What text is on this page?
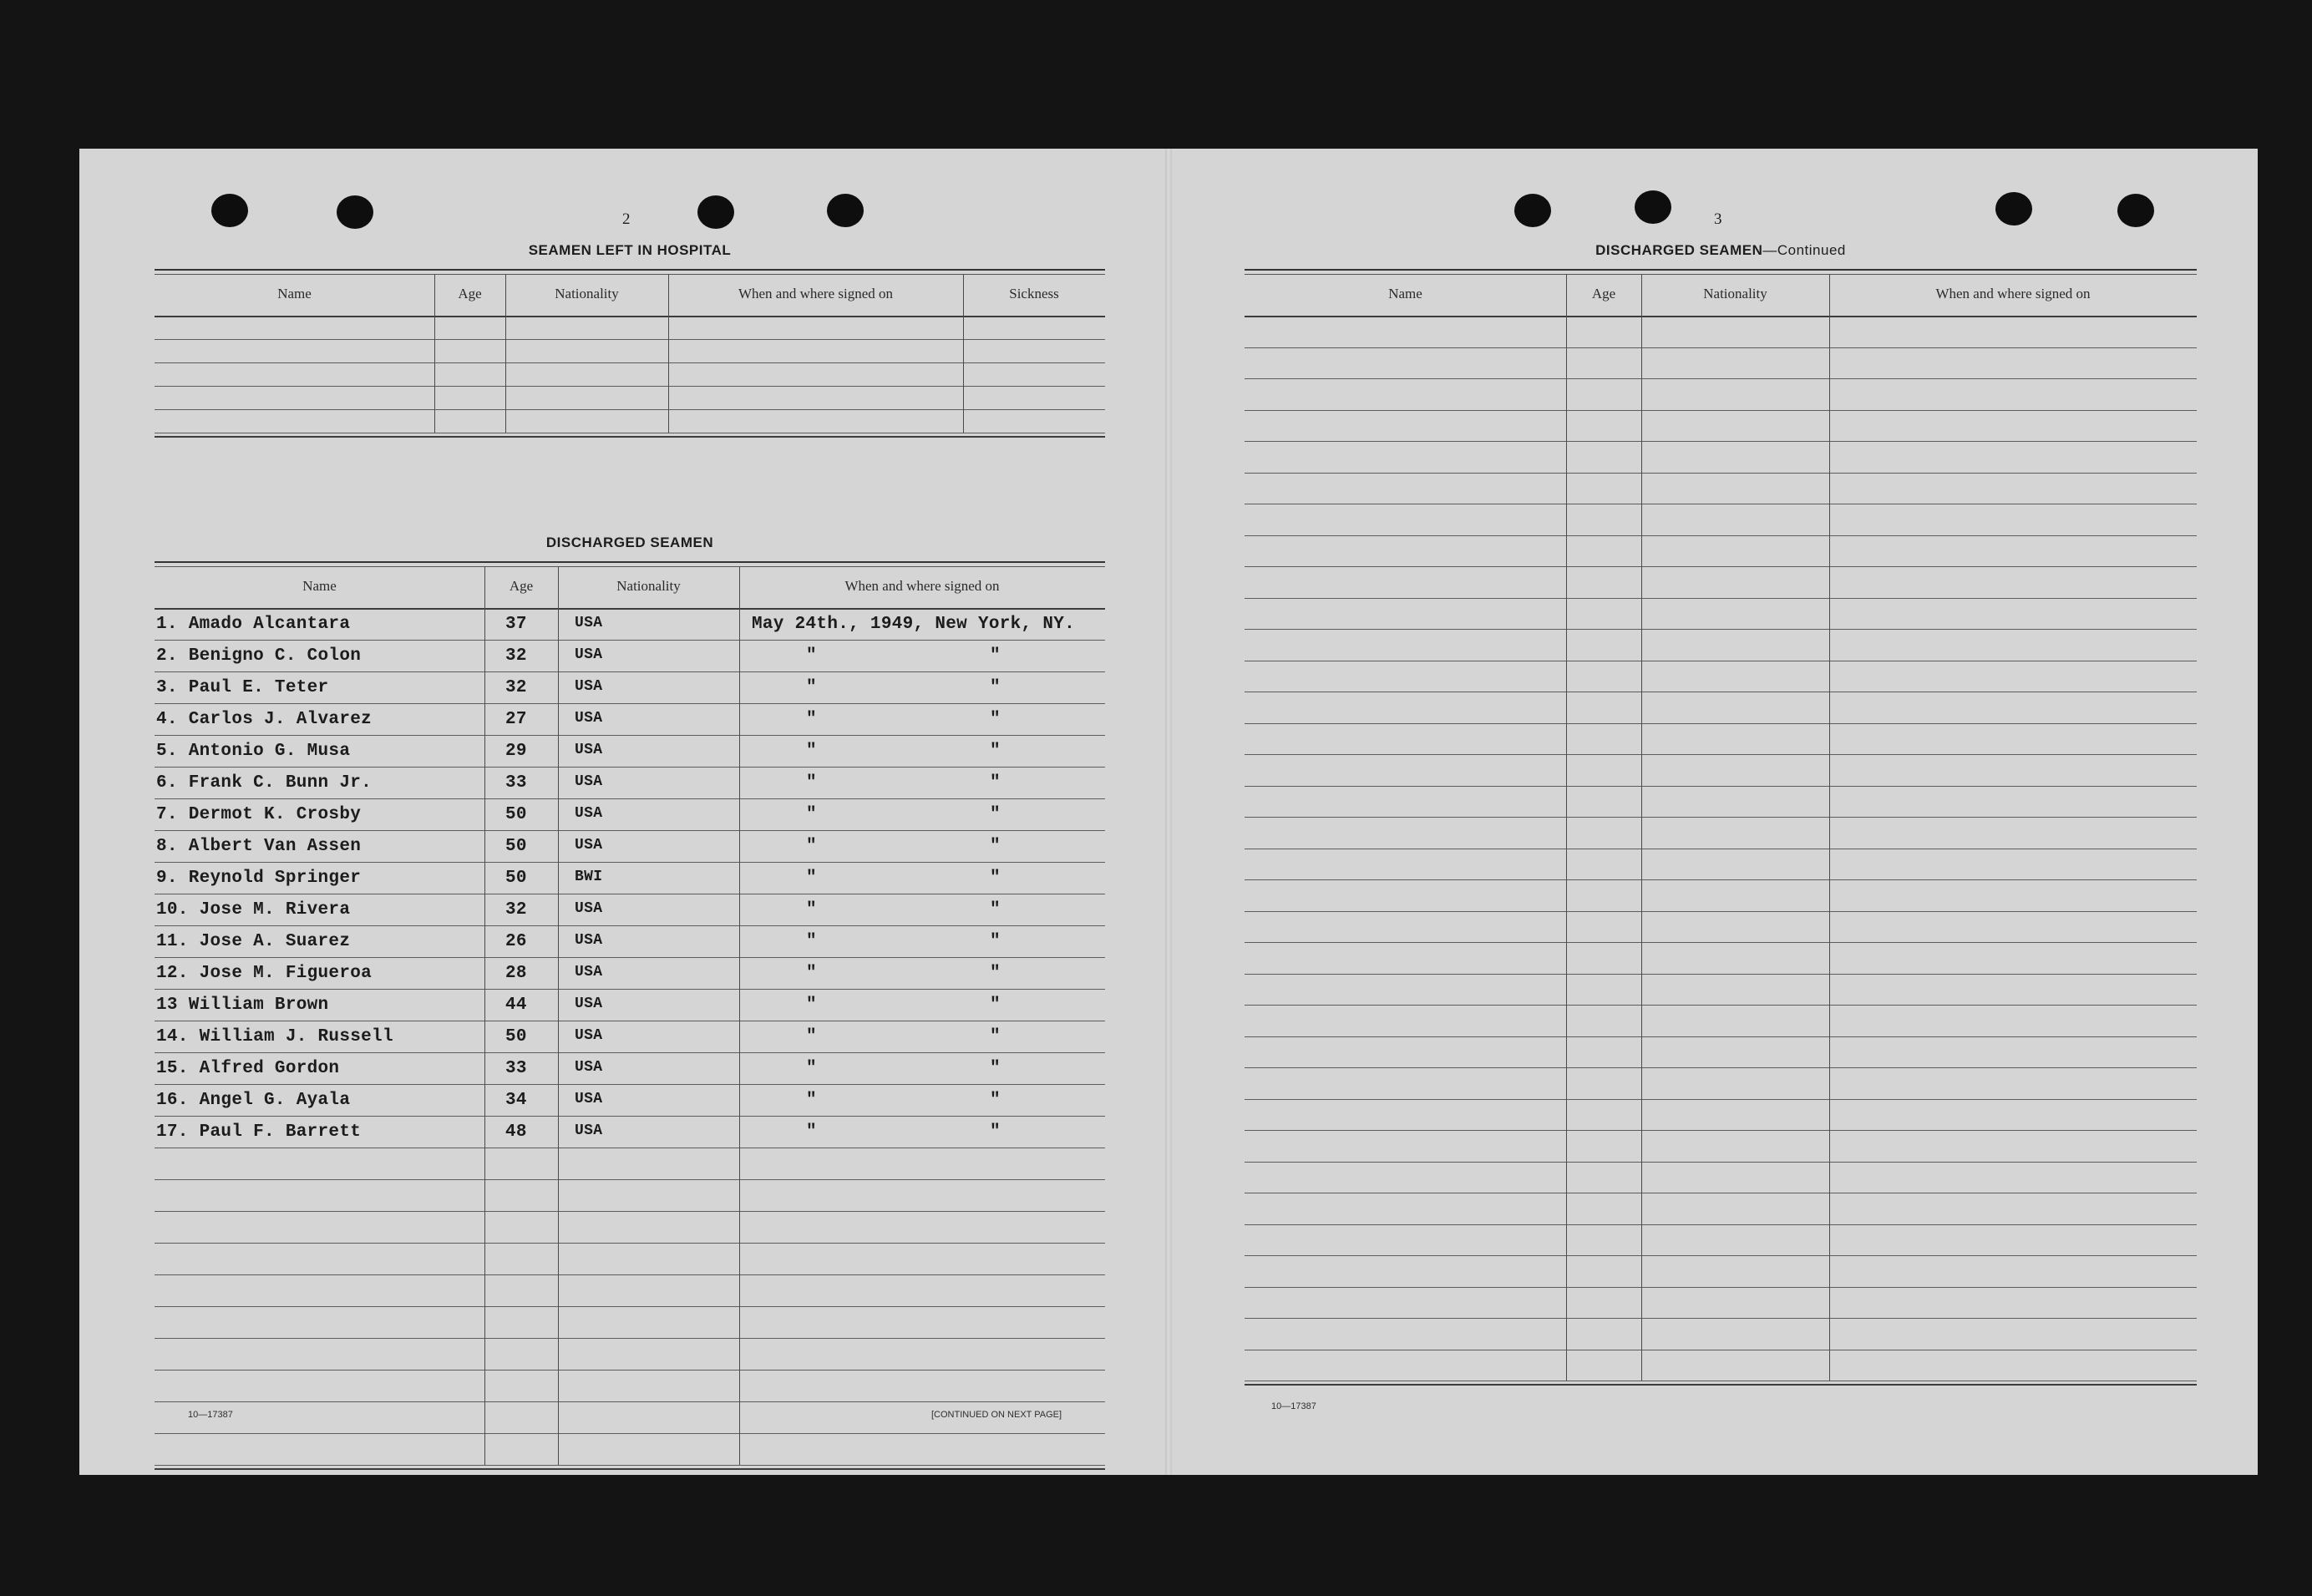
2
SEAMEN LEFT IN HOSPITAL
Name	Age	Nationality	When and where signed on	Sickness
DISCHARGED SEAMEN
Name	Age	Nationality	When and where signed on
1. Amado Alcantara	37	USA	May 24th., 1949, New York, NY.
2. Benigno C. Colon	32	USA	"	"
3. Paul E. Teter	32	USA	"	"
4. Carlos J. Alvarez	27	USA	"	"
5. Antonio G. Musa	29	USA	"	"
6. Frank C. Bunn Jr.	33	USA	"	"
7. Dermot K. Crosby	50	USA	"	"
8. Albert Van Assen	50	USA	"	"
9. Reynold Springer	50	BWI	"	"
10. Jose M. Rivera	32	USA	"	"
11. Jose A. Suarez	26	USA	"	"
12. Jose M. Figueroa	28	USA	"	"
13 William Brown	44	USA	"	"
14. William J. Russell	50	USA	"	"
15. Alfred Gordon	33	USA	"	"
16. Angel G. Ayala	34	USA	"	"
17. Paul F. Barrett	48	USA	"	"
10—17387	[CONTINUED ON NEXT PAGE]
3
DISCHARGED SEAMEN—Continued
Name	Age	Nationality	When and where signed on
10—17387
